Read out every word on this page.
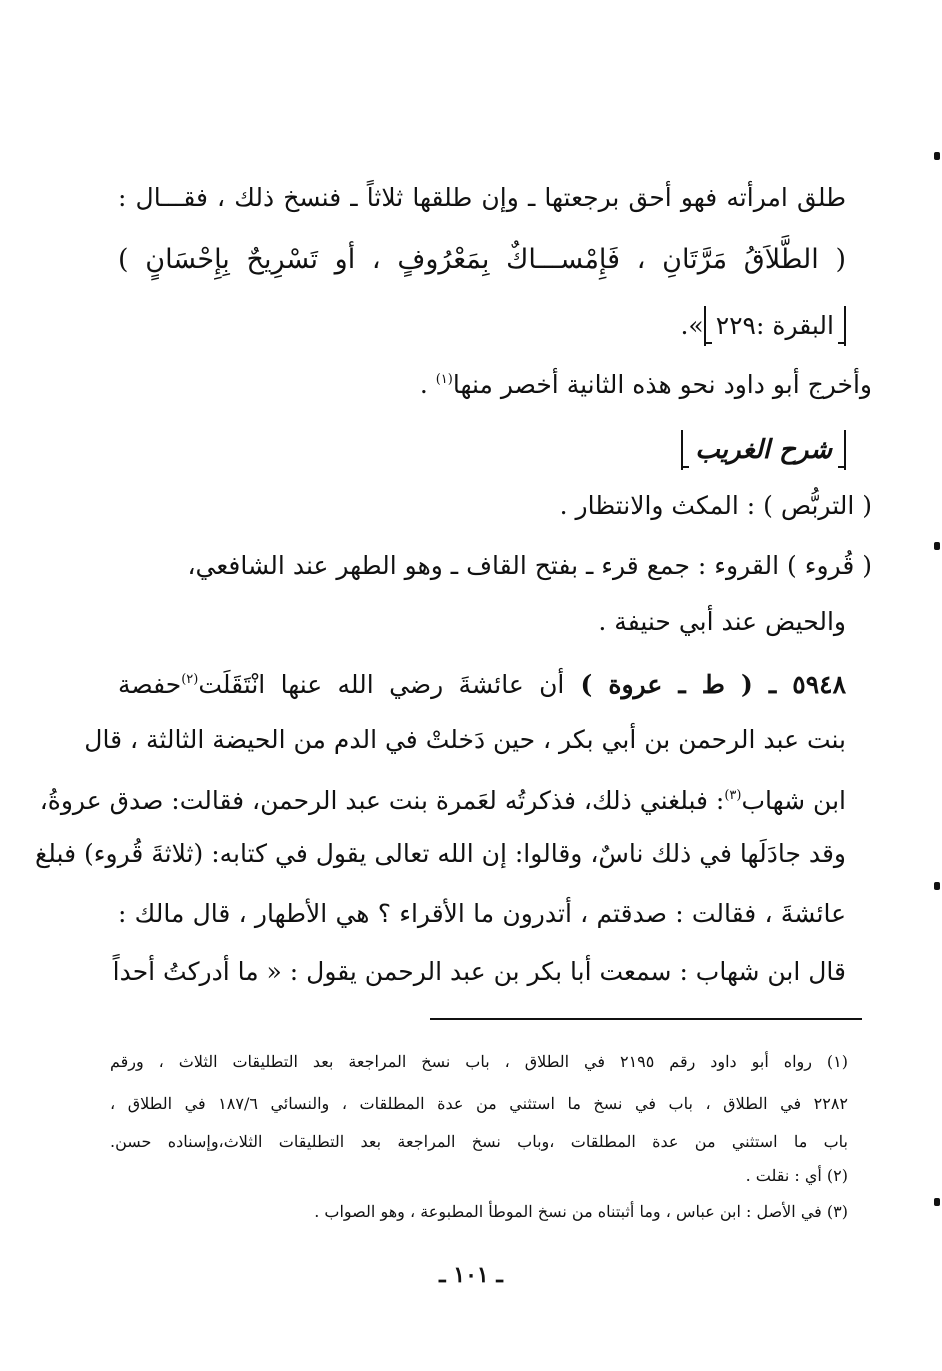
طلق امرأته فهو أحق برجعتها ـ وإن طلقها ثلاثاً ـ فنسخ ذلك ، فقـــال :
( الطَّلاَقُ مَرَّتَانِ ، فَإِمْســـاكٌ بِمَعْرُوفٍ ، أو تَسْرِيحٌ بِإِحْسَانٍ )
البقرة :٢٢٩».
وأخرج أبو داود نحو هذه الثانية أخصر منها$^{(١)}$ .
شرح الغريب
( التربُّص ) : المكث والانتظار .
( قُروء ) القروء : جمع قرء ـ بفتح القاف ـ وهو الطهر عند الشافعي،
والحيض عند أبي حنيفة .
٥٩٤٨ ـ ( ط ـ عروة ) أن عائشةَ رضي الله عنها انْتَقَلَت$^{(٢)}$حفصة
بنت عبد الرحمن بن أبي بكر ، حين دَخلتْ في الدم من الحيضة الثالثة ، قال
ابن شهاب$^{(٣)}$: فبلغني ذلك، فذكرتُه لعَمرة بنت عبد الرحمن، فقالت: صدق عروةُ،
وقد جادَلَها في ذلك ناسٌ، وقالوا: إن الله تعالى يقول في كتابه: (ثلاثةَ قُروء) فبلغ
عائشةَ ، فقالت : صدقتم ، أتدرون ما الأقراء ؟ هي الأطهار ، قال مالك :
قال ابن شهاب : سمعت أبا بكر بن عبد الرحمن يقول : « ما أدركتُ أحداً
(١) رواه أبو داود رقم ٢١٩٥ في الطلاق ، باب نسخ المراجعة بعد التطليقات الثلاث ، ورقم
٢٢٨٢ في الطلاق ، باب في نسخ ما استثني من عدة المطلقات ، والنسائي ١٨٧/٦ في الطلاق ،
باب ما استثني من عدة المطلقات ،وباب نسخ المراجعة بعد التطليقات الثلاث،وإسناده حسن.
(٢) أي : نقلت .
(٣) في الأصل : ابن عباس ، وما أثبتناه من نسخ الموطأ المطبوعة ، وهو الصواب .
ـ ١٠١ ـ
